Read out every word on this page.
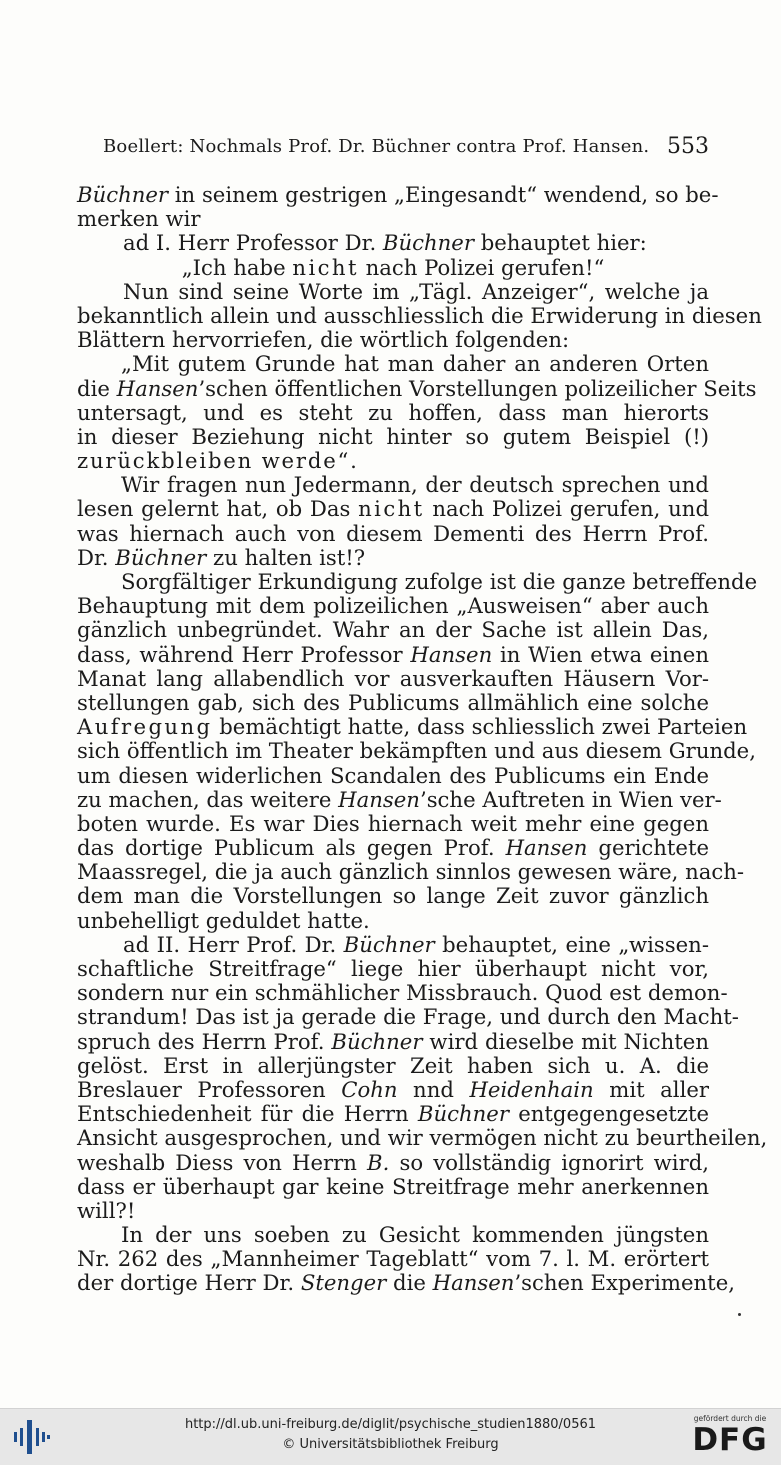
Boellert: Nochmals Prof. Dr. Büchner contra Prof. Hansen. 553
Büchner in seinem gestrigen „Eingesandt“ wendend, so be-
merken wir
ad I. Herr Professor Dr. Büchner behauptet hier:
„Ich habe nicht nach Polizei gerufen!“
Nun sind seine Worte im „Tägl. Anzeiger“, welche ja
bekanntlich allein und ausschliesslich die Erwiderung in diesen
Blättern hervorriefen, die wörtlich folgenden:
„Mit gutem Grunde hat man daher an anderen Orten
die Hansen’schen öffentlichen Vorstellungen polizeilicher Seits
untersagt, und es steht zu hoffen, dass man hierorts
in dieser Beziehung nicht hinter so gutem Beispiel (!)
zurückbleiben werde“.
Wir fragen nun Jedermann, der deutsch sprechen und
lesen gelernt hat, ob Das nicht nach Polizei gerufen, und
was hiernach auch von diesem Dementi des Herrn Prof.
Dr. Büchner zu halten ist!?
Sorgfältiger Erkundigung zufolge ist die ganze betreffende
Behauptung mit dem polizeilichen „Ausweisen“ aber auch
gänzlich unbegründet. Wahr an der Sache ist allein Das,
dass, während Herr Professor Hansen in Wien etwa einen
Manat lang allabendlich vor ausverkauften Häusern Vor-
stellungen gab, sich des Publicums allmählich eine solche
Aufregung bemächtigt hatte, dass schliesslich zwei Parteien
sich öffentlich im Theater bekämpften und aus diesem Grunde,
um diesen widerlichen Scandalen des Publicums ein Ende
zu machen, das weitere Hansen’sche Auftreten in Wien ver-
boten wurde. Es war Dies hiernach weit mehr eine gegen
das dortige Publicum als gegen Prof. Hansen gerichtete
Maassregel, die ja auch gänzlich sinnlos gewesen wäre, nach-
dem man die Vorstellungen so lange Zeit zuvor gänzlich
unbehelligt geduldet hatte.
ad II. Herr Prof. Dr. Büchner behauptet, eine „wissen-
schaftliche Streitfrage“ liege hier überhaupt nicht vor,
sondern nur ein schmählicher Missbrauch. Quod est demon-
strandum! Das ist ja gerade die Frage, und durch den Macht-
spruch des Herrn Prof. Büchner wird dieselbe mit Nichten
gelöst. Erst in allerjüngster Zeit haben sich u. A. die
Breslauer Professoren Cohn nnd Heidenhain mit aller
Entschiedenheit für die Herrn Büchner entgegengesetzte
Ansicht ausgesprochen, und wir vermögen nicht zu beurtheilen,
weshalb Diess von Herrn B. so vollständig ignorirt wird,
dass er überhaupt gar keine Streitfrage mehr anerkennen
will?!
In der uns soeben zu Gesicht kommenden jüngsten
Nr. 262 des „Mannheimer Tageblatt“ vom 7. l. M. erörtert
der dortige Herr Dr. Stenger die Hansen’schen Experimente,
http://dl.ub.uni-freiburg.de/diglit/psychische_studien1880/0561
© Universitätsbibliothek Freiburg
gefördert durch die
DFG
